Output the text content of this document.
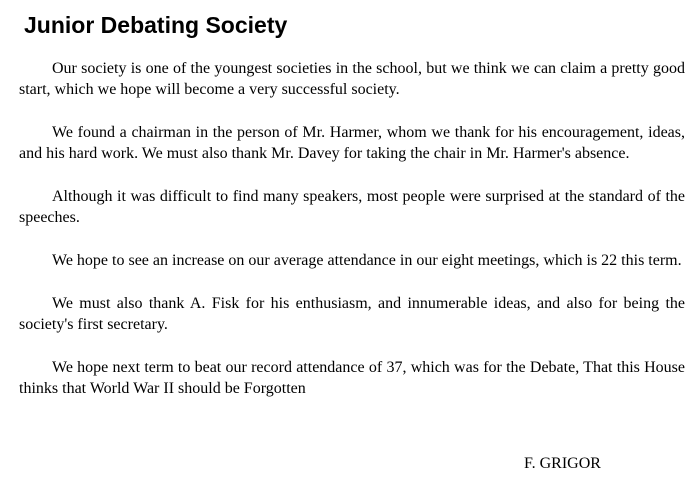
Junior Debating Society

Our society is one of the youngest societies in the school, but we think we can claim a pretty good start, which we hope will become a very successful society.

We found a chairman in the person of Mr. Harmer, whom we thank for his encouragement, ideas, and his hard work. We must also thank Mr. Davey for taking the chair in Mr. Harmer's absence.

Although it was difficult to find many speakers, most people were surprised at the standard of the speeches.

We hope to see an increase on our average attendance in our eight meetings, which is 22 this term.

We must also thank A. Fisk for his enthusiasm, and innumerable ideas, and also for being the society's first secretary.

We hope next term to beat our record attendance of 37, which was for the Debate, That this House thinks that World War II should be Forgotten

F. GRIGOR
